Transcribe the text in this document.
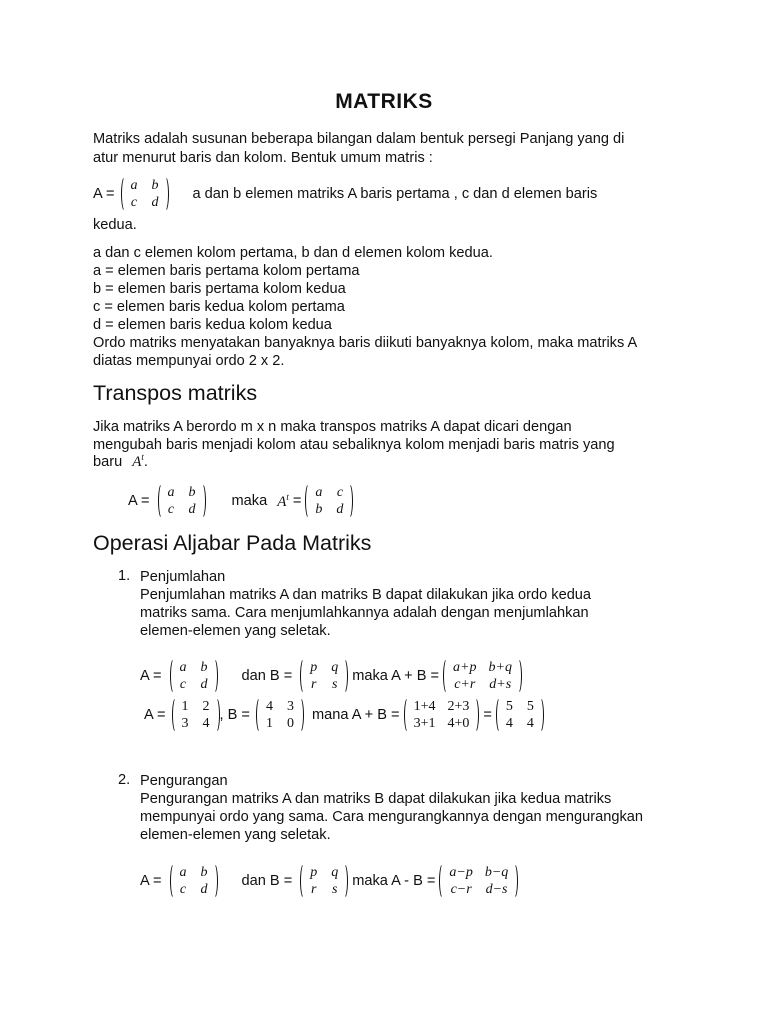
MATRIKS
Matriks adalah susunan beberapa bilangan dalam bentuk persegi Panjang yang di
atur menurut baris dan kolom. Bentuk umum matris :
A =
a b
c d
a dan b elemen matriks A baris pertama , c dan d elemen baris
kedua.
a dan c elemen kolom pertama, b dan d elemen kolom kedua.
a = elemen baris pertama kolom pertama
b = elemen baris pertama kolom kedua
c = elemen baris kedua kolom pertama
d = elemen baris kedua kolom kedua
Ordo matriks menyatakan banyaknya baris diikuti banyaknya kolom, maka matriks A
diatas mempunyai ordo 2 x 2.
Transpos matriks
Jika matriks A berordo m x n maka transpos matriks A dapat dicari dengan
mengubah baris menjadi kolom atau sebaliknya kolom menjadi baris matris yang
baru $A^t$ .
A =
a b
c d
maka $A^t$ =
a c
b d
Operasi Aljabar Pada Matriks
1. Penjumlahan
Penjumlahan matriks A dan matriks B dapat dilakukan jika ordo kedua
matriks sama. Cara menjumlahkannya adalah dengan menjumlahkan
elemen-elemen yang seletak.
A =
a b
c d
dan B =
p q
r s
maka A + B =
a+p b+q
c+r d+s
A =
1 2
3 4
, B =
4 3
1 0
mana A + B =
1+4 2+3
3+1 4+0
=
5 5
4 4
2. Pengurangan
Pengurangan matriks A dan matriks B dapat dilakukan jika kedua matriks
mempunyai ordo yang sama. Cara mengurangkannya dengan mengurangkan
elemen-elemen yang seletak.
A =
a b
c d
dan B =
p q
r s
maka A - B =
a−p b−q
c−r d−s
